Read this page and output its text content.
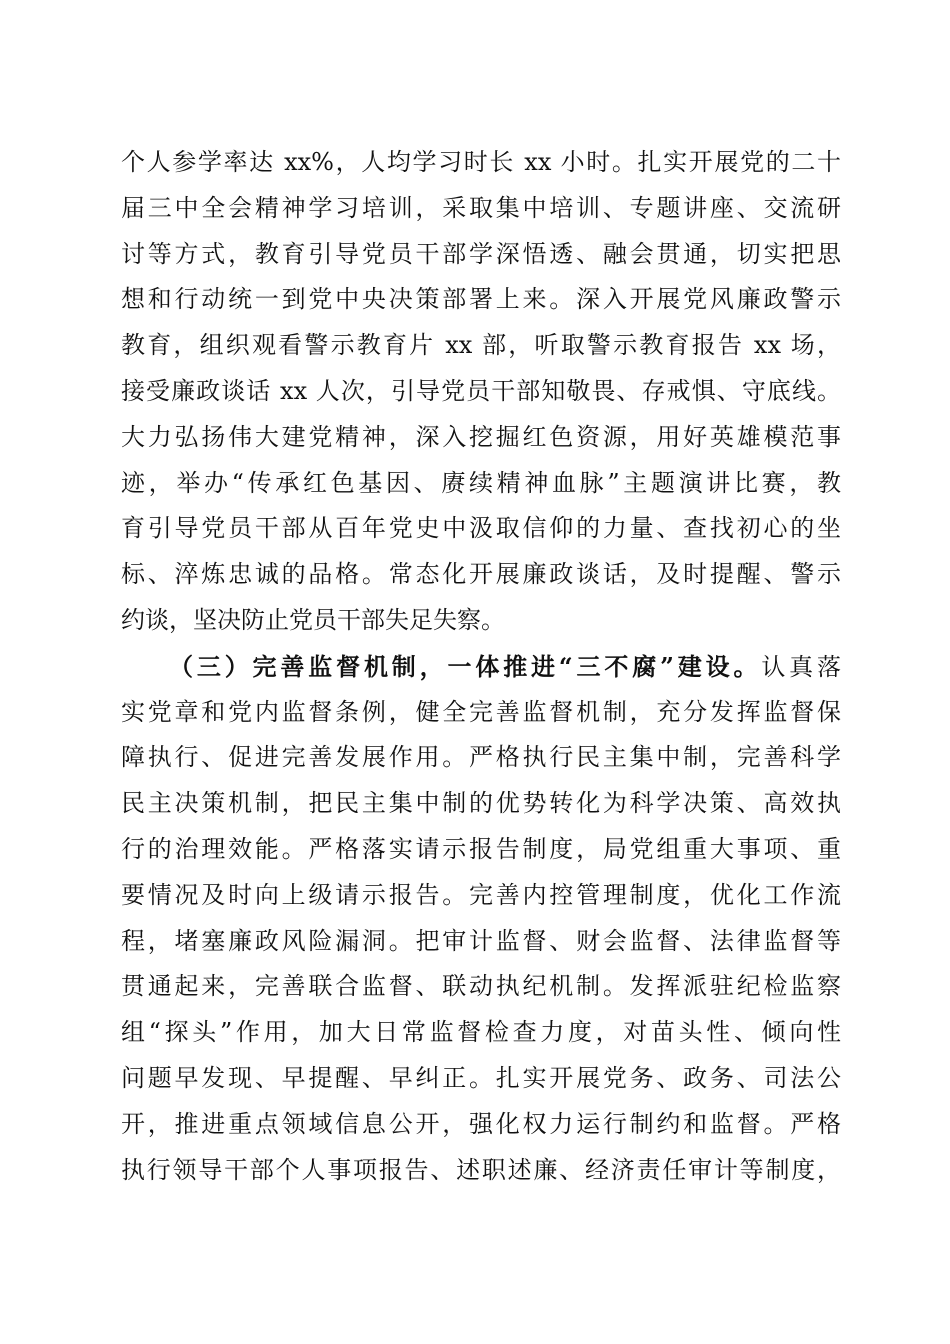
个人参学率达 xx%，人均学习时长 xx 小时。扎实开展党的二十
届三中全会精神学习培训，采取集中培训、专题讲座、交流研
讨等方式，教育引导党员干部学深悟透、融会贯通，切实把思
想和行动统一到党中央决策部署上来。深入开展党风廉政警示
教育，组织观看警示教育片 xx 部，听取警示教育报告 xx 场，
接受廉政谈话 xx 人次，引导党员干部知敬畏、存戒惧、守底线。
大力弘扬伟大建党精神，深入挖掘红色资源，用好英雄模范事
迹，举办“传承红色基因、赓续精神血脉”主题演讲比赛，教
育引导党员干部从百年党史中汲取信仰的力量、查找初心的坐
标、淬炼忠诚的品格。常态化开展廉政谈话，及时提醒、警示
约谈，坚决防止党员干部失足失察。
（三）完善监督机制，一体推进“三不腐”建设。认真落
实党章和党内监督条例，健全完善监督机制，充分发挥监督保
障执行、促进完善发展作用。严格执行民主集中制，完善科学
民主决策机制，把民主集中制的优势转化为科学决策、高效执
行的治理效能。严格落实请示报告制度，局党组重大事项、重
要情况及时向上级请示报告。完善内控管理制度，优化工作流
程，堵塞廉政风险漏洞。把审计监督、财会监督、法律监督等
贯通起来，完善联合监督、联动执纪机制。发挥派驻纪检监察
组“探头”作用，加大日常监督检查力度，对苗头性、倾向性
问题早发现、早提醒、早纠正。扎实开展党务、政务、司法公
开，推进重点领域信息公开，强化权力运行制约和监督。严格
执行领导干部个人事项报告、述职述廉、经济责任审计等制度，
